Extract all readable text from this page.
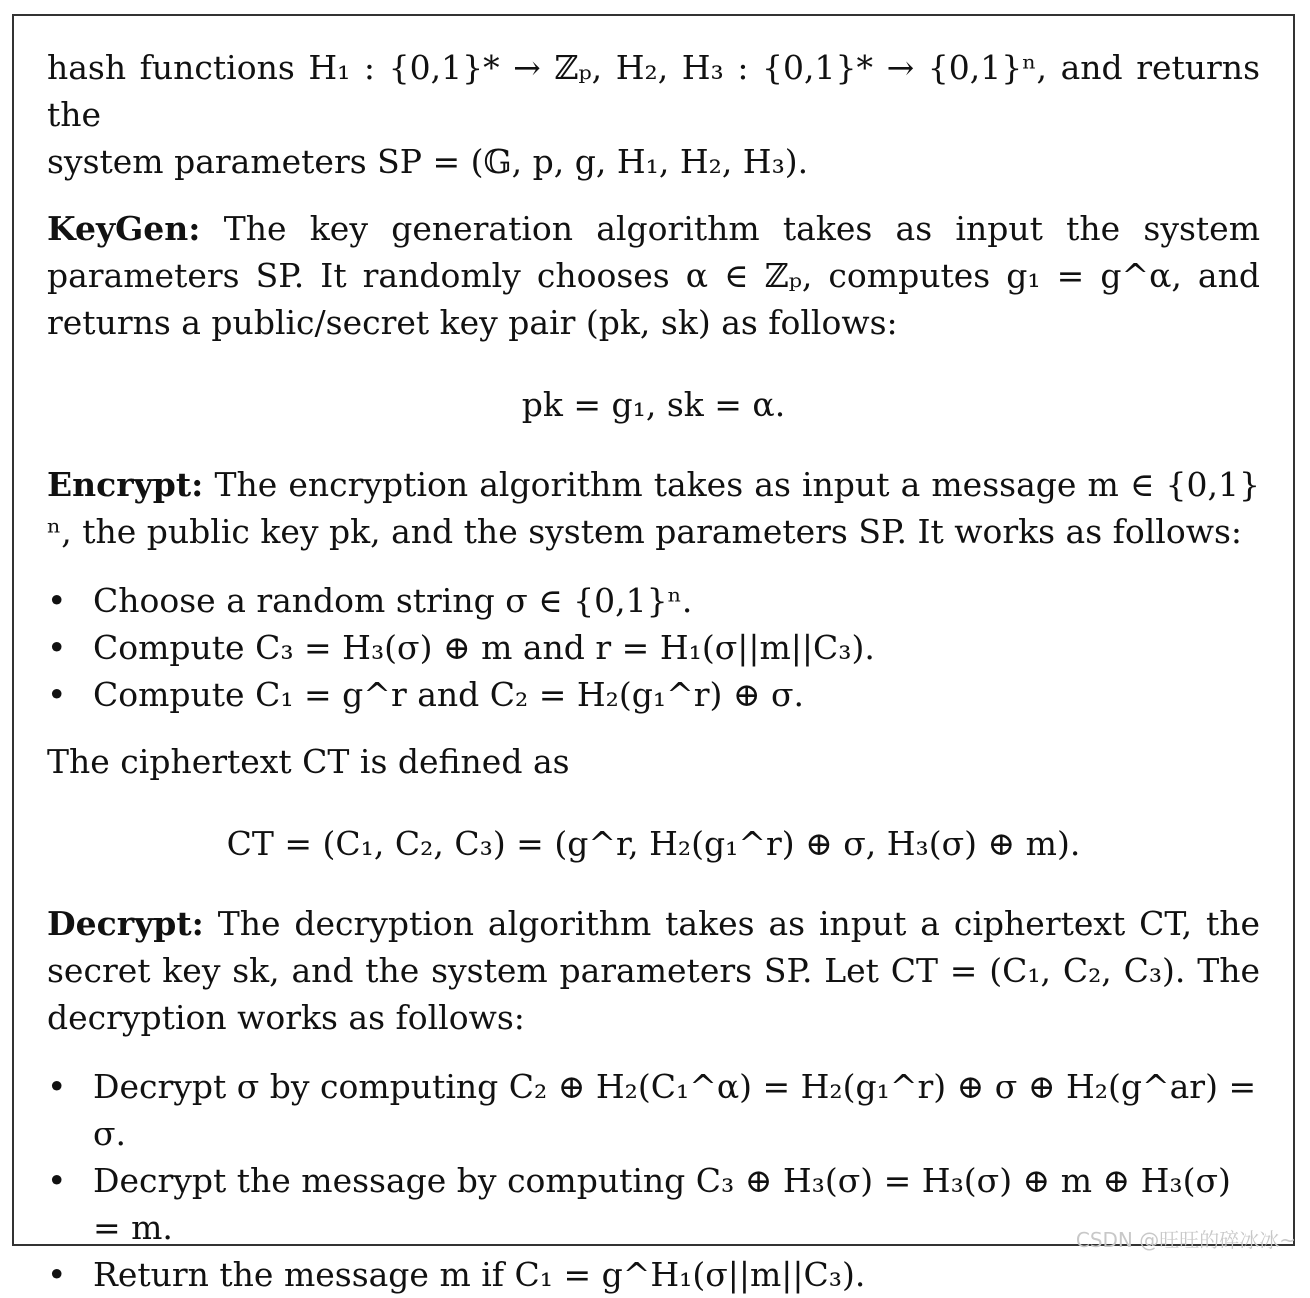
hash functions H₁ : {0,1}* → ℤₚ, H₂, H₃ : {0,1}* → {0,1}ⁿ, and returns the

system parameters SP = (𝔾, p, g, H₁, H₂, H₃).

KeyGen: The key generation algorithm takes as input the system parameters SP. It randomly chooses α ∈ ℤₚ, computes g₁ = g^α, and returns a public/secret key pair (pk, sk) as follows:

pk = g₁, sk = α.

Encrypt: The encryption algorithm takes as input a message m ∈ {0,1}ⁿ, the public key pk, and the system parameters SP. It works as follows:

• Choose a random string σ ∈ {0,1}ⁿ.
• Compute C₃ = H₃(σ) ⊕ m and r = H₁(σ||m||C₃).
• Compute C₁ = g^r and C₂ = H₂(g₁^r) ⊕ σ.

The ciphertext CT is defined as

CT = (C₁, C₂, C₃) = (g^r, H₂(g₁^r) ⊕ σ, H₃(σ) ⊕ m).

Decrypt: The decryption algorithm takes as input a ciphertext CT, the secret key sk, and the system parameters SP. Let CT = (C₁, C₂, C₃). The decryption works as follows:

• Decrypt σ by computing C₂ ⊕ H₂(C₁^α) = H₂(g₁^r) ⊕ σ ⊕ H₂(g^ar) = σ.
• Decrypt the message by computing C₃ ⊕ H₃(σ) = H₃(σ) ⊕ m ⊕ H₃(σ) = m.
• Return the message m if C₁ = g^H₁(σ||m||C₃).
CSDN @旺旺的碎冰冰~
